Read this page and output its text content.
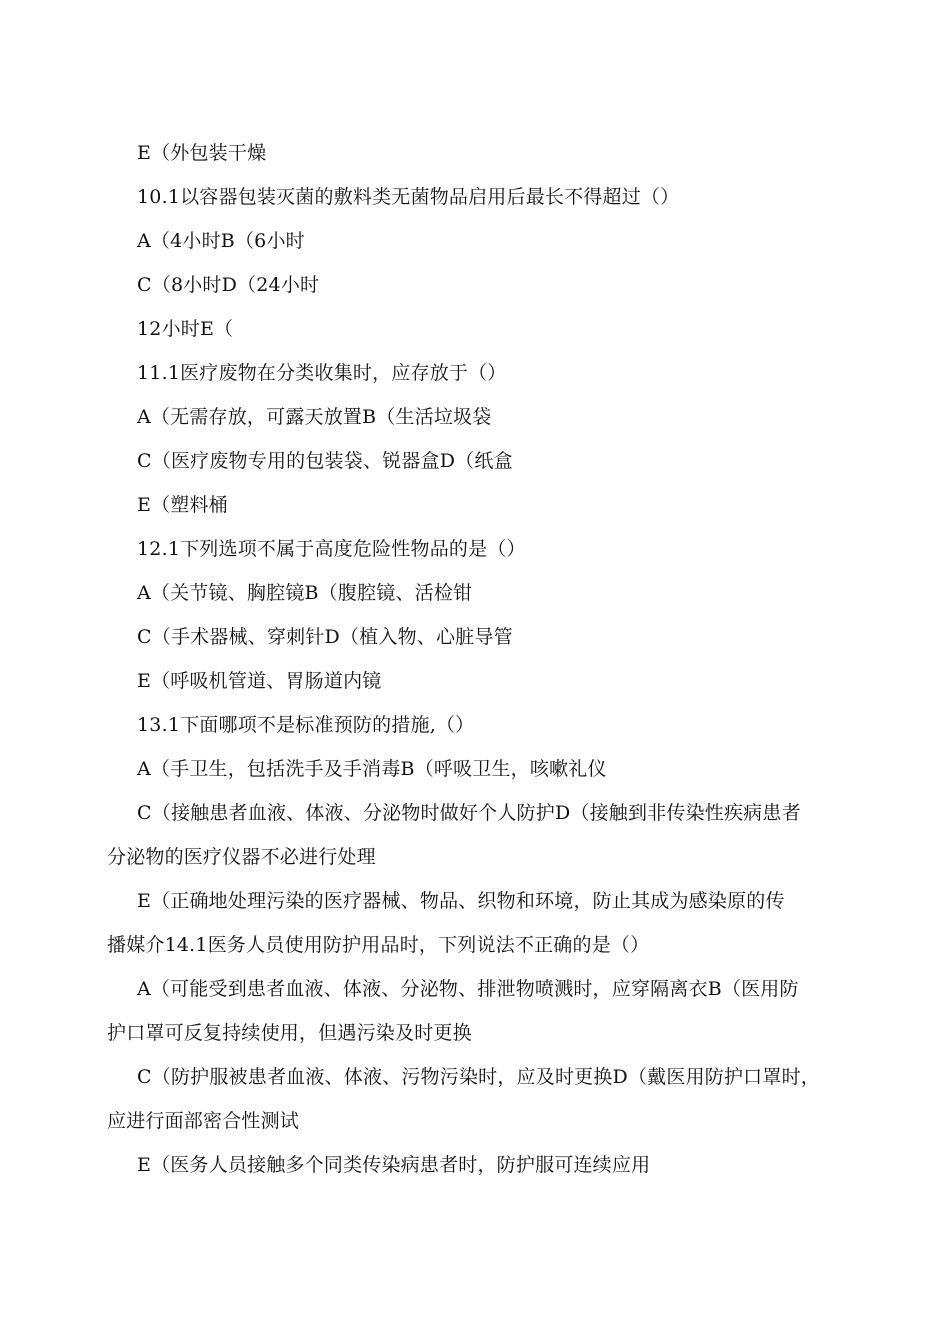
E（外包装干燥
10.1以容器包装灭菌的敷料类无菌物品启用后最长不得超过（）
A（4小时B（6小时
C（8小时D（24小时
12小时E（
11.1医疗废物在分类收集时，应存放于（）
A（无需存放，可露天放置B（生活垃圾袋
C（医疗废物专用的包装袋、锐器盒D（纸盒
E（塑料桶
12.1下列选项不属于高度危险性物品的是（）
A（关节镜、胸腔镜B（腹腔镜、活检钳
C（手术器械、穿刺针D（植入物、心脏导管
E（呼吸机管道、胃肠道内镜
13.1下面哪项不是标准预防的措施,（）
A（手卫生，包括洗手及手消毒B（呼吸卫生，咳嗽礼仪
C（接触患者血液、体液、分泌物时做好个人防护D（接触到非传染性疾病患者
分泌物的医疗仪器不必进行处理
E（正确地处理污染的医疗器械、物品、织物和环境，防止其成为感染原的传
播媒介14.1医务人员使用防护用品时，下列说法不正确的是（）
A（可能受到患者血液、体液、分泌物、排泄物喷溅时，应穿隔离衣B（医用防
护口罩可反复持续使用，但遇污染及时更换
C（防护服被患者血液、体液、污物污染时，应及时更换D（戴医用防护口罩时，
应进行面部密合性测试
E（医务人员接触多个同类传染病患者时，防护服可连续应用
